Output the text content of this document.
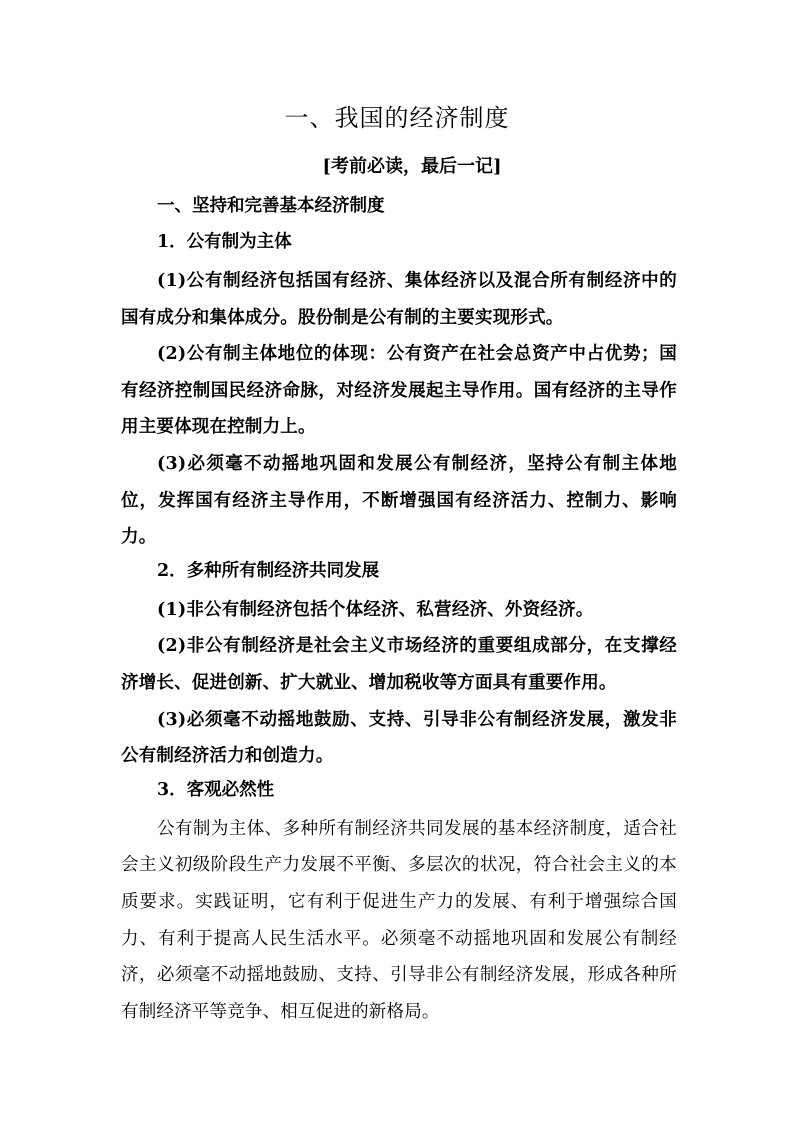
一、我国的经济制度
[考前必读，最后一记]
一、坚持和完善基本经济制度
1．公有制为主体

(1)公有制经济包括国有经济、集体经济以及混合所有制经济中的国有成分和集体成分。股份制是公有制的主要实现形式。

(2)公有制主体地位的体现：公有资产在社会总资产中占优势；国有经济控制国民经济命脉，对经济发展起主导作用。国有经济的主导作用主要体现在控制力上。

(3)必须毫不动摇地巩固和发展公有制经济，坚持公有制主体地位，发挥国有经济主导作用，不断增强国有经济活力、控制力、影响力。

2．多种所有制经济共同发展

(1)非公有制经济包括个体经济、私营经济、外资经济。

(2)非公有制经济是社会主义市场经济的重要组成部分，在支撑经济增长、促进创新、扩大就业、增加税收等方面具有重要作用。

(3)必须毫不动摇地鼓励、支持、引导非公有制经济发展，激发非公有制经济活力和创造力。

3．客观必然性

公有制为主体、多种所有制经济共同发展的基本经济制度，适合社会主义初级阶段生产力发展不平衡、多层次的状况，符合社会主义的本质要求。实践证明，它有利于促进生产力的发展、有利于增强综合国力、有利于提高人民生活水平。必须毫不动摇地巩固和发展公有制经济，必须毫不动摇地鼓励、支持、引导非公有制经济发展，形成各种所有制经济平等竞争、相互促进的新格局。
